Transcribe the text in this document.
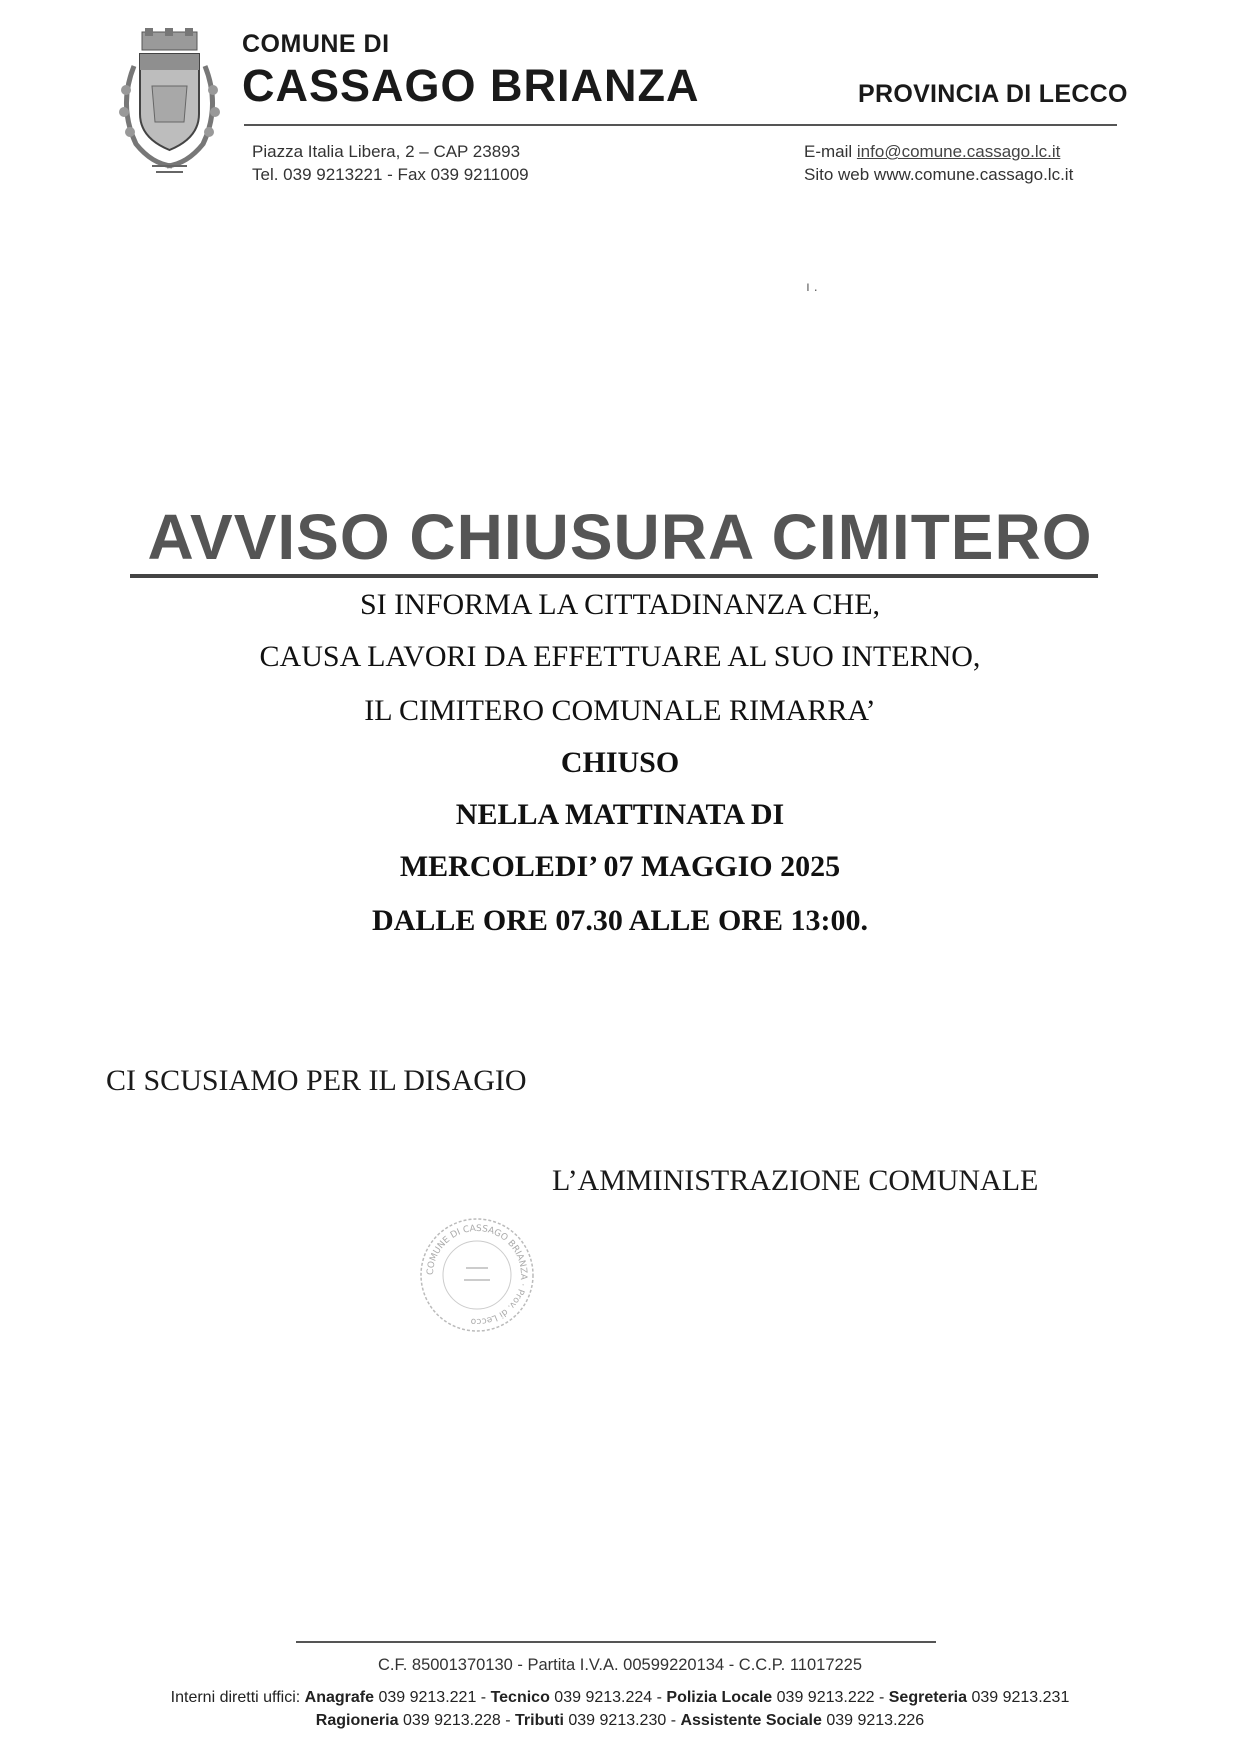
COMUNE DI
CASSAGO BRIANZA	PROVINCIA DI LECCO
Piazza Italia Libera, 2 – CAP 23893
Tel. 039 9213221 - Fax 039 9211009
E-mail info@comune.cassago.lc.it
Sito web www.comune.cassago.lc.it
ı .
AVVISO CHIUSURA CIMITERO
SI INFORMA LA CITTADINANZA CHE,
CAUSA LAVORI DA EFFETTUARE AL SUO INTERNO,
IL CIMITERO COMUNALE RIMARRA’
CHIUSO
NELLA MATTINATA DI
MERCOLEDI’ 07 MAGGIO 2025
DALLE ORE 07.30 ALLE ORE 13:00.
CI SCUSIAMO PER IL DISAGIO
L’AMMINISTRAZIONE COMUNALE
COMUNE DI CASSAGO BRIANZA · Prov. di Lecco
C.F. 85001370130 - Partita I.V.A. 00599220134 - C.C.P. 11017225
Interni diretti uffici: Anagrafe 039 9213.221 - Tecnico 039 9213.224 - Polizia Locale 039 9213.222 - Segreteria 039 9213.231
Ragioneria 039 9213.228 - Tributi 039 9213.230 - Assistente Sociale 039 9213.226
